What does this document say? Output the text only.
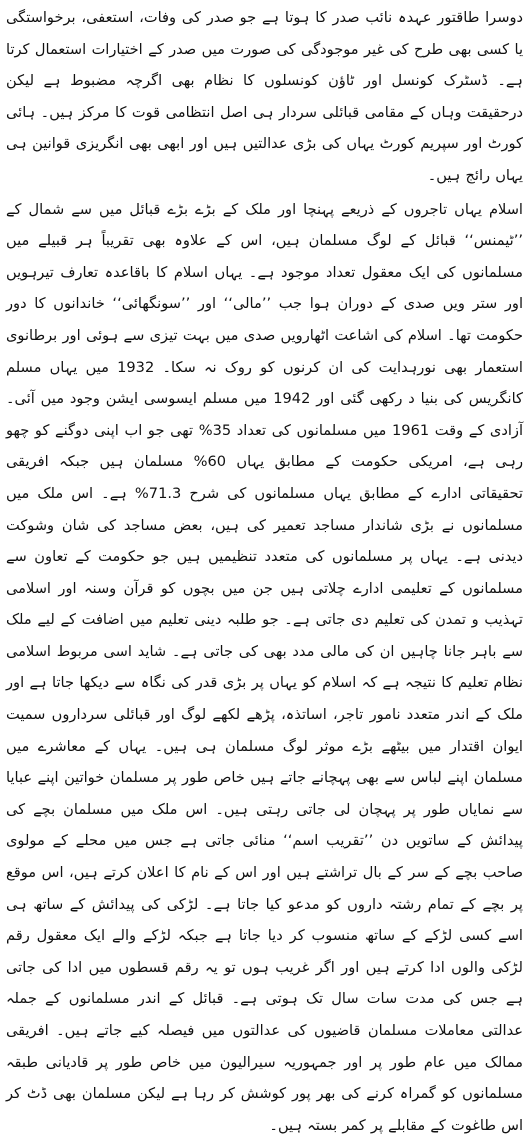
دوسرا طاقتور عہدہ نائب صدر کا ہوتا ہے جو صدر کی وفات، استعفی، برخواستگی یا کسی بھی طرح کی غیر موجودگی کی صورت میں صدر کے اختیارات استعمال کرتا ہے۔ ڈسٹرک کونسل اور ٹاؤن کونسلوں کا نظام بھی اگرچہ مضبوط ہے لیکن درحقیقت وہاں کے مقامی قبائلی سردار ہی اصل انتظامی قوت کا مرکز ہیں۔ ہائی کورٹ اور سپریم کورٹ یہاں کی بڑی عدالتیں ہیں اور ابھی بھی انگریزی قوانین ہی یہاں رائج ہیں۔

اسلام یہاں تاجروں کے ذریعے پہنچا اور ملک کے بڑے بڑے قبائل میں سے شمال کے ’’ٹیمنس‘‘ قبائل کے لوگ مسلمان ہیں، اس کے علاوہ بھی تقریباً ہر قبیلے میں مسلمانوں کی ایک معقول تعداد موجود ہے۔ یہاں اسلام کا باقاعدہ تعارف تیرہویں اور ستر ویں صدی کے دوران ہوا جب ’’مالی‘‘ اور ’’سونگھائی‘‘ خاندانوں کا دور حکومت تھا۔ اسلام کی اشاعت اٹھارویں صدی میں بہت تیزی سے ہوئی اور برطانوی استعمار بھی نورہدایت کی ان کرنوں کو روک نہ سکا۔ 1932 میں یہاں مسلم کانگریس کی بنیا د رکھی گئی اور 1942 میں مسلم ایسوسی ایشن وجود میں آئی۔ آزادی کے وقت 1961 میں مسلمانوں کی تعداد 35% تھی جو اب اپنی دوگنے کو چھو رہی ہے، امریکی حکومت کے مطابق یہاں 60% مسلمان ہیں جبکہ افریقی تحقیقاتی ادارے کے مطابق یہاں مسلمانوں کی شرح 71.3% ہے۔ اس ملک میں مسلمانوں نے بڑی شاندار مساجد تعمیر کی ہیں، بعض مساجد کی شان وشوکت دیدنی ہے۔ یہاں پر مسلمانوں کی متعدد تنظیمیں ہیں جو حکومت کے تعاون سے مسلمانوں کے تعلیمی ادارے چلاتی ہیں جن میں بچوں کو قرآن وسنہ اور اسلامی تہذیب و تمدن کی تعلیم دی جاتی ہے۔ جو طلبہ دینی تعلیم میں اضافت کے لیے ملک سے باہر جانا چاہیں ان کی مالی مدد بھی کی جاتی ہے۔ شاید اسی مربوط اسلامی نظام تعلیم کا نتیجہ ہے کہ اسلام کو یہاں پر بڑی قدر کی نگاہ سے دیکھا جاتا ہے اور ملک کے اندر متعدد نامور تاجر، اساتذہ، پڑھے لکھے لوگ اور قبائلی سرداروں سمیت ایوان اقتدار میں بیٹھے بڑے موثر لوگ مسلمان ہی ہیں۔ یہاں کے معاشرے میں مسلمان اپنے لباس سے بھی پہچانے جاتے ہیں خاص طور پر مسلمان خواتین اپنے عبایا سے نمایاں طور پر پہچان لی جاتی رہتی ہیں۔ اس ملک میں مسلمان بچے کی پیدائش کے ساتویں دن ’’تقریب اسم‘‘ منائی جاتی ہے جس میں محلے کے مولوی صاحب بچے کے سر کے بال تراشتے ہیں اور اس کے نام کا اعلان کرتے ہیں، اس موقع پر بچے کے تمام رشتہ داروں کو مدعو کیا جاتا ہے۔ لڑکی کی پیدائش کے ساتھ ہی اسے کسی لڑکے کے ساتھ منسوب کر دیا جاتا ہے جبکہ لڑکے والے ایک معقول رقم لڑکی والوں ادا کرتے ہیں اور اگر غریب ہوں تو یہ رقم قسطوں میں ادا کی جاتی ہے جس کی مدت سات سال تک ہوتی ہے۔ قبائل کے اندر مسلمانوں کے جملہ عدالتی معاملات مسلمان قاضیوں کی عدالتوں میں فیصلہ کیے جاتے ہیں۔ افریقی ممالک میں عام طور پر اور جمہوریہ سیرالیون میں خاص طور پر قادیانی طبقہ مسلمانوں کو گمراہ کرنے کی بھر پور کوشش کر رہا ہے لیکن مسلمان بھی ڈٹ کر اس طاغوت کے مقابلے پر کمر بستہ ہیں۔
